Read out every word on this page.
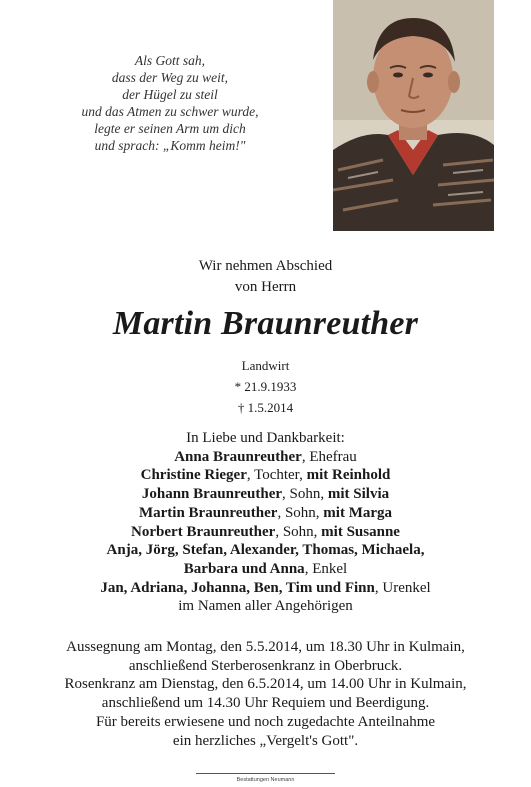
Als Gott sah,
dass der Weg zu weit,
der Hügel zu steil
und das Atmen zu schwer wurde,
legte er seinen Arm um dich
und sprach: „Komm heim!"
Wir nehmen Abschied
von Herrn
Martin Braunreuther
Landwirt
* 21.9.1933
† 1.5.2014
In Liebe und Dankbarkeit:
Anna Braunreuther, Ehefrau
Christine Rieger, Tochter, mit Reinhold
Johann Braunreuther, Sohn, mit Silvia
Martin Braunreuther, Sohn, mit Marga
Norbert Braunreuther, Sohn, mit Susanne
Anja, Jörg, Stefan, Alexander, Thomas, Michaela,
Barbara und Anna, Enkel
Jan, Adriana, Johanna, Ben, Tim und Finn, Urenkel
im Namen aller Angehörigen
Aussegnung am Montag, den 5.5.2014, um 18.30 Uhr in Kulmain,
anschließend Sterberosenkranz in Oberbruck.
Rosenkranz am Dienstag, den 6.5.2014, um 14.00 Uhr in Kulmain,
anschließend um 14.30 Uhr Requiem und Beerdigung.
Für bereits erwiesene und noch zugedachte Anteilnahme
ein herzliches „Vergelt's Gott".
Bestattungen Neumann
